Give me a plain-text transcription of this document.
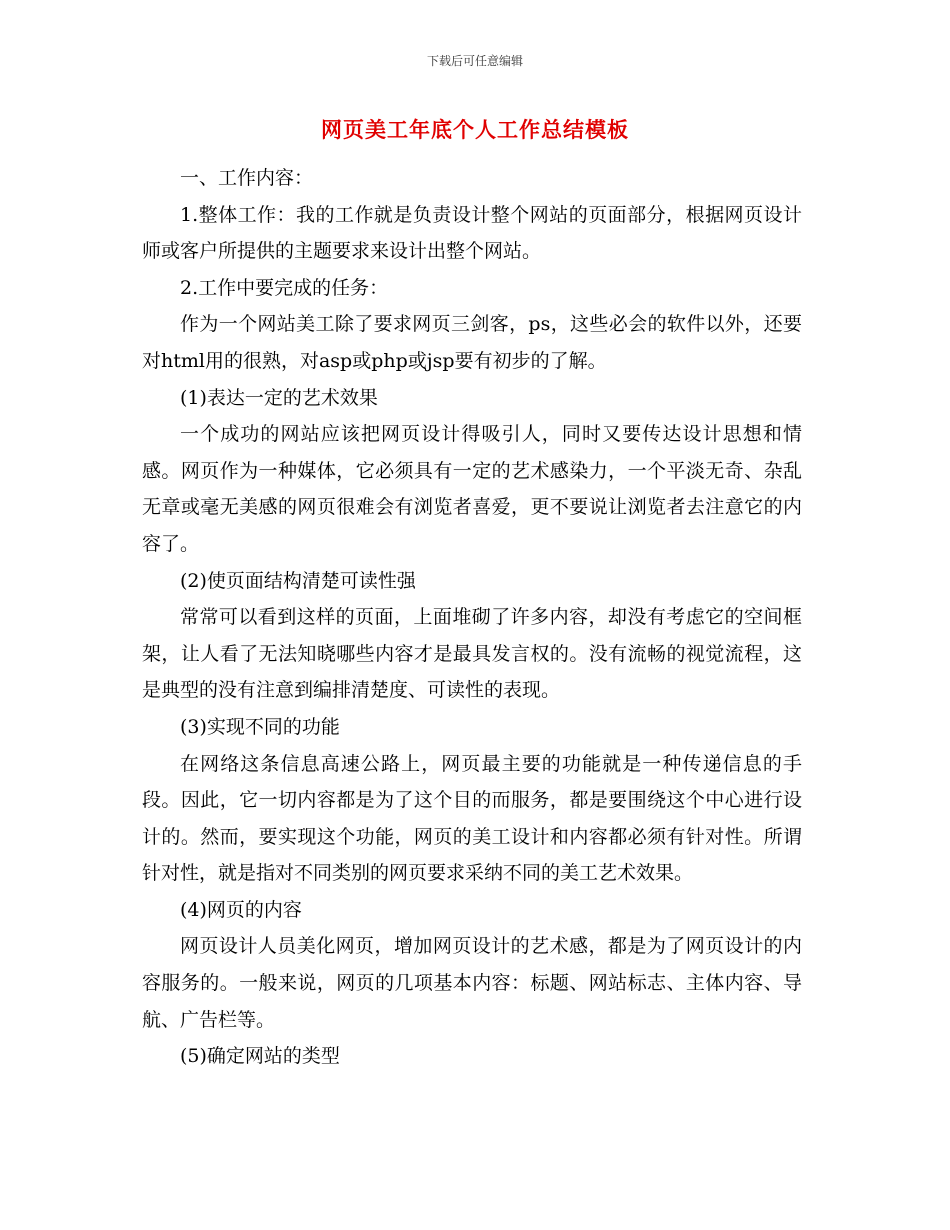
下载后可任意编辑
网页美工年底个人工作总结模板

一、工作内容：

1.整体工作：我的工作就是负责设计整个网站的页面部分，根据网页设计师或客户所提供的主题要求来设计出整个网站。

2.工作中要完成的任务：

作为一个网站美工除了要求网页三剑客，ps，这些必会的软件以外，还要对html用的很熟，对asp或php或jsp要有初步的了解。

(1)表达一定的艺术效果

一个成功的网站应该把网页设计得吸引人，同时又要传达设计思想和情感。网页作为一种媒体，它必须具有一定的艺术感染力，一个平淡无奇、杂乱无章或毫无美感的网页很难会有浏览者喜爱，更不要说让浏览者去注意它的内容了。

(2)使页面结构清楚可读性强

常常可以看到这样的页面，上面堆砌了许多内容，却没有考虑它的空间框架，让人看了无法知晓哪些内容才是最具发言权的。没有流畅的视觉流程，这是典型的没有注意到编排清楚度、可读性的表现。

(3)实现不同的功能

在网络这条信息高速公路上，网页最主要的功能就是一种传递信息的手段。因此，它一切内容都是为了这个目的而服务，都是要围绕这个中心进行设计的。然而，要实现这个功能，网页的美工设计和内容都必须有针对性。所谓针对性，就是指对不同类别的网页要求采纳不同的美工艺术效果。

(4)网页的内容

网页设计人员美化网页，增加网页设计的艺术感，都是为了网页设计的内容服务的。一般来说，网页的几项基本内容：标题、网站标志、主体内容、导航、广告栏等。

(5)确定网站的类型
